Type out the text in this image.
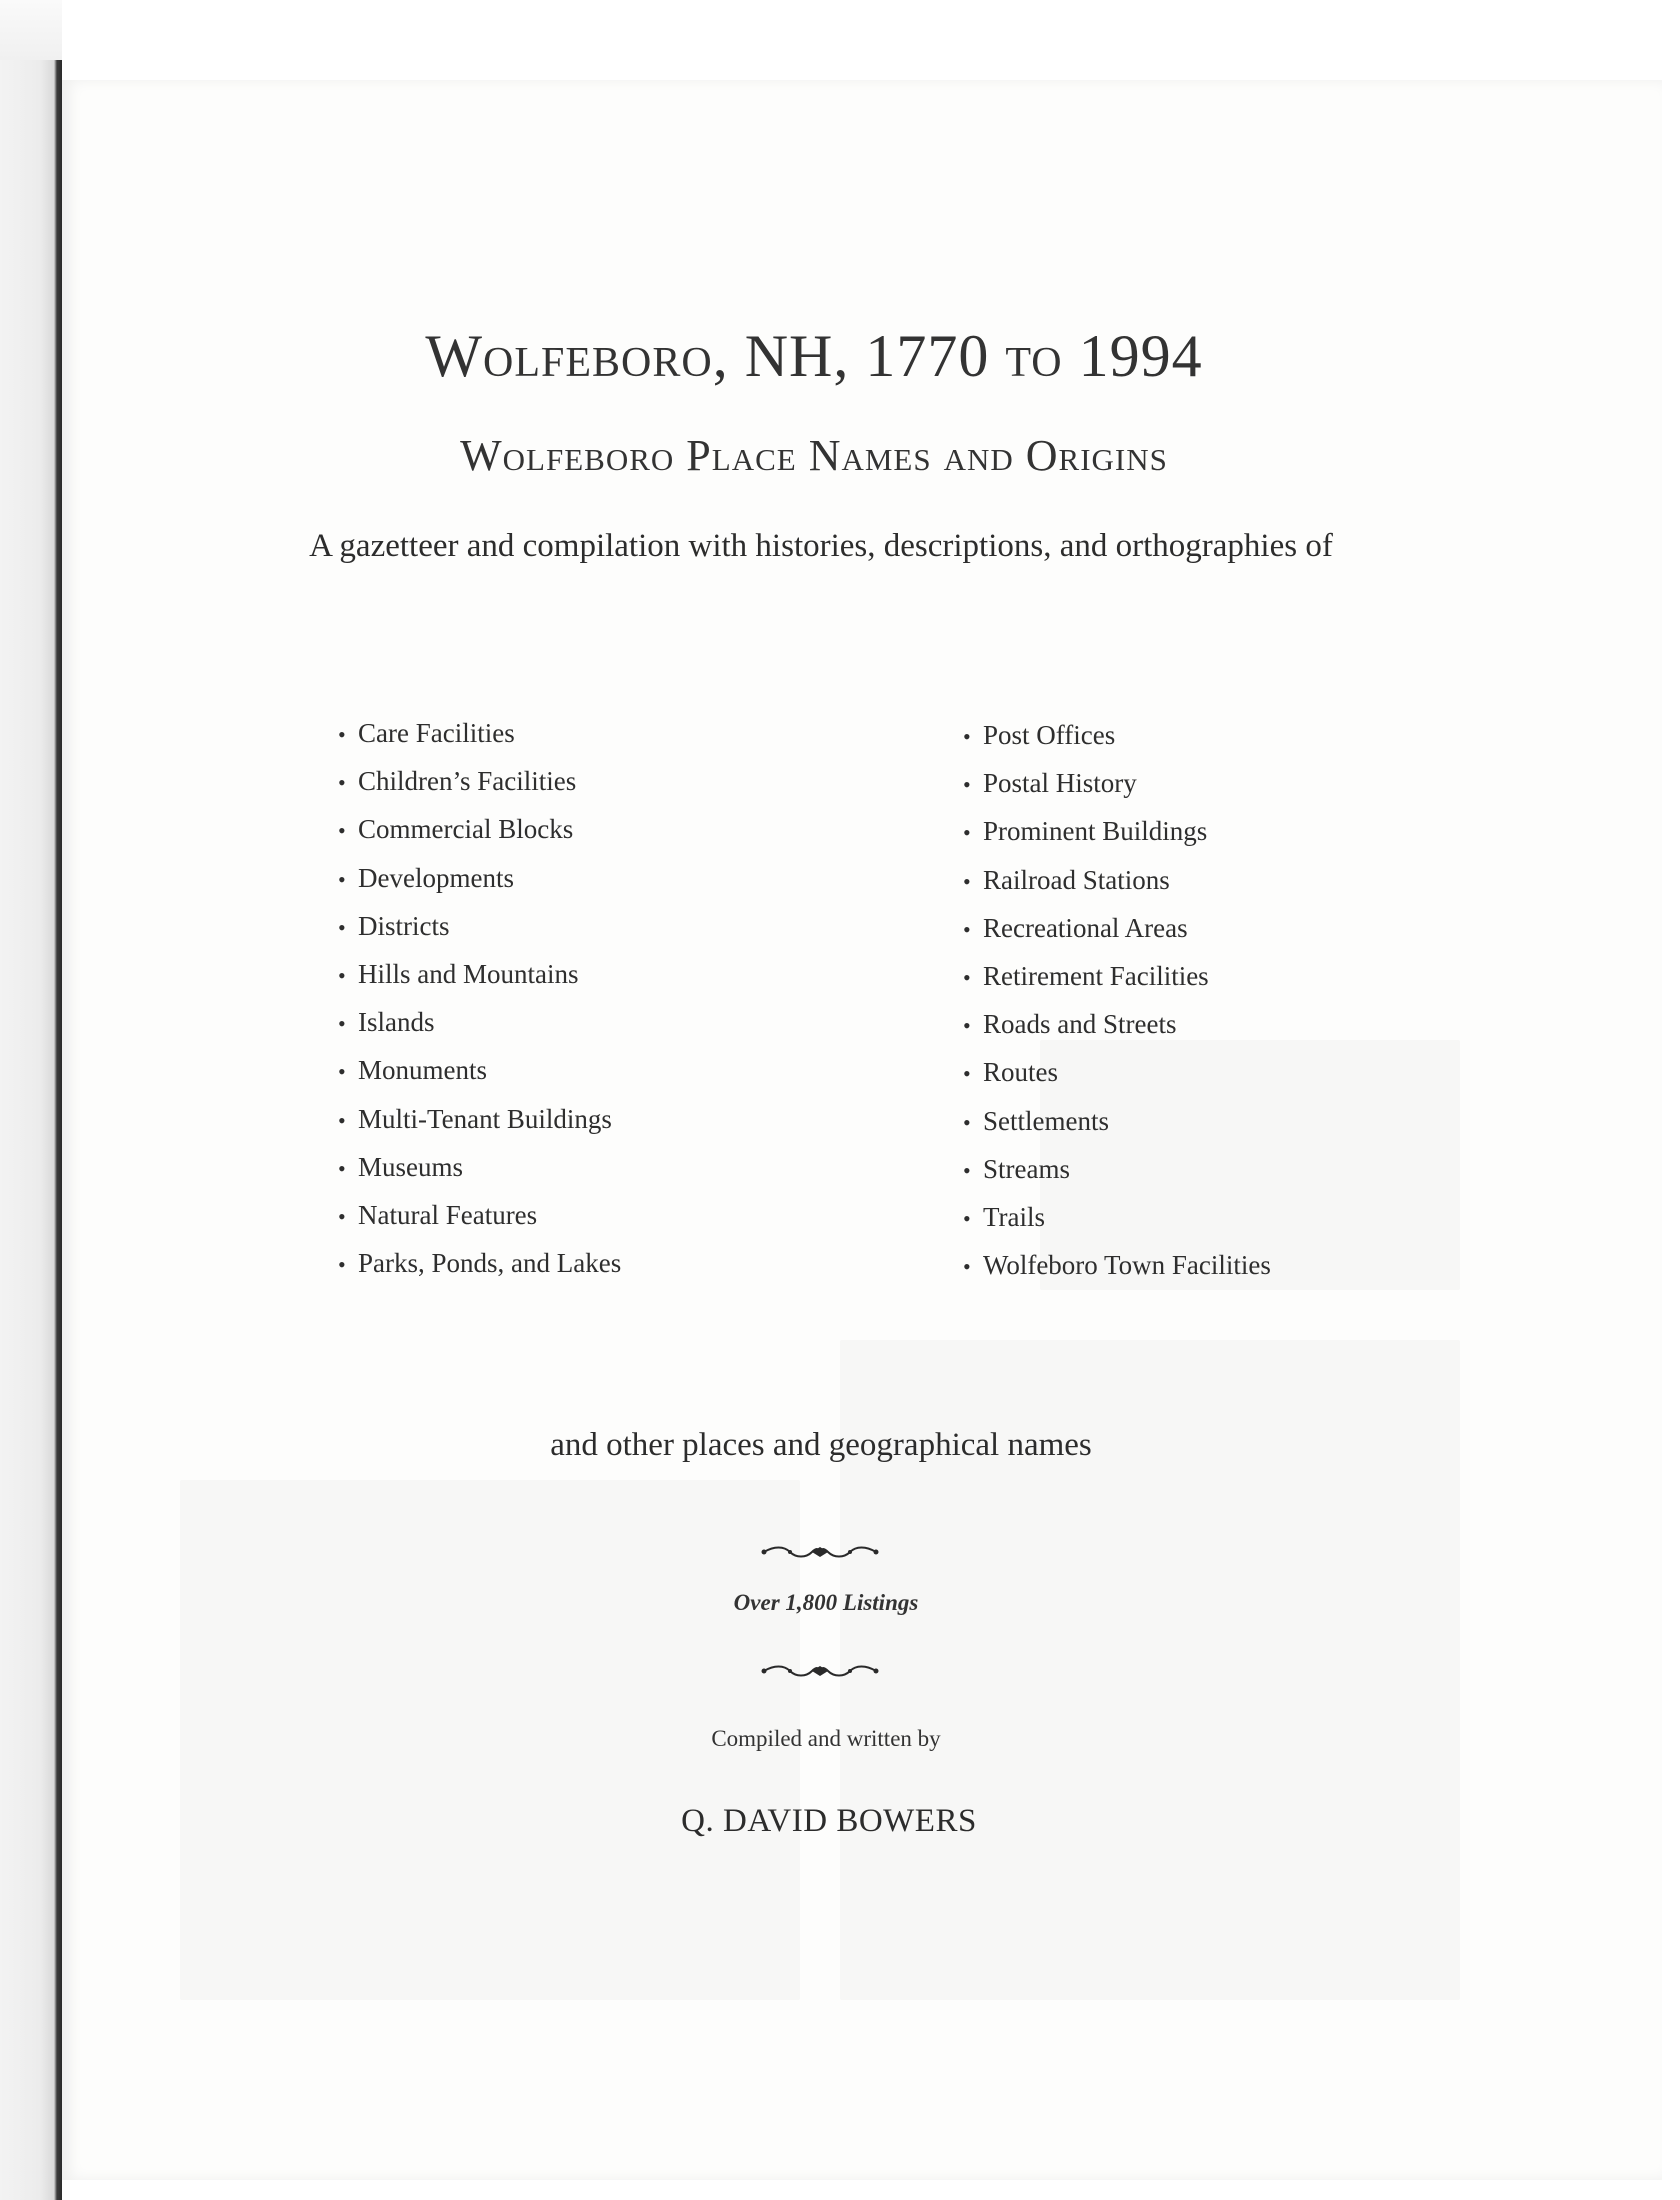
Wolfeboro, NH, 1770 to 1994
Wolfeboro Place Names and Origins
A gazetteer and compilation with histories, descriptions, and orthographies of
• Care Facilities
• Children’s Facilities
• Commercial Blocks
• Developments
• Districts
• Hills and Mountains
• Islands
• Monuments
• Multi-Tenant Buildings
• Museums
• Natural Features
• Parks, Ponds, and Lakes
• Post Offices
• Postal History
• Prominent Buildings
• Railroad Stations
• Recreational Areas
• Retirement Facilities
• Roads and Streets
• Routes
• Settlements
• Streams
• Trails
• Wolfeboro Town Facilities
and other places and geographical names
Over 1,800 Listings
Compiled and written by
Q. DAVID BOWERS
